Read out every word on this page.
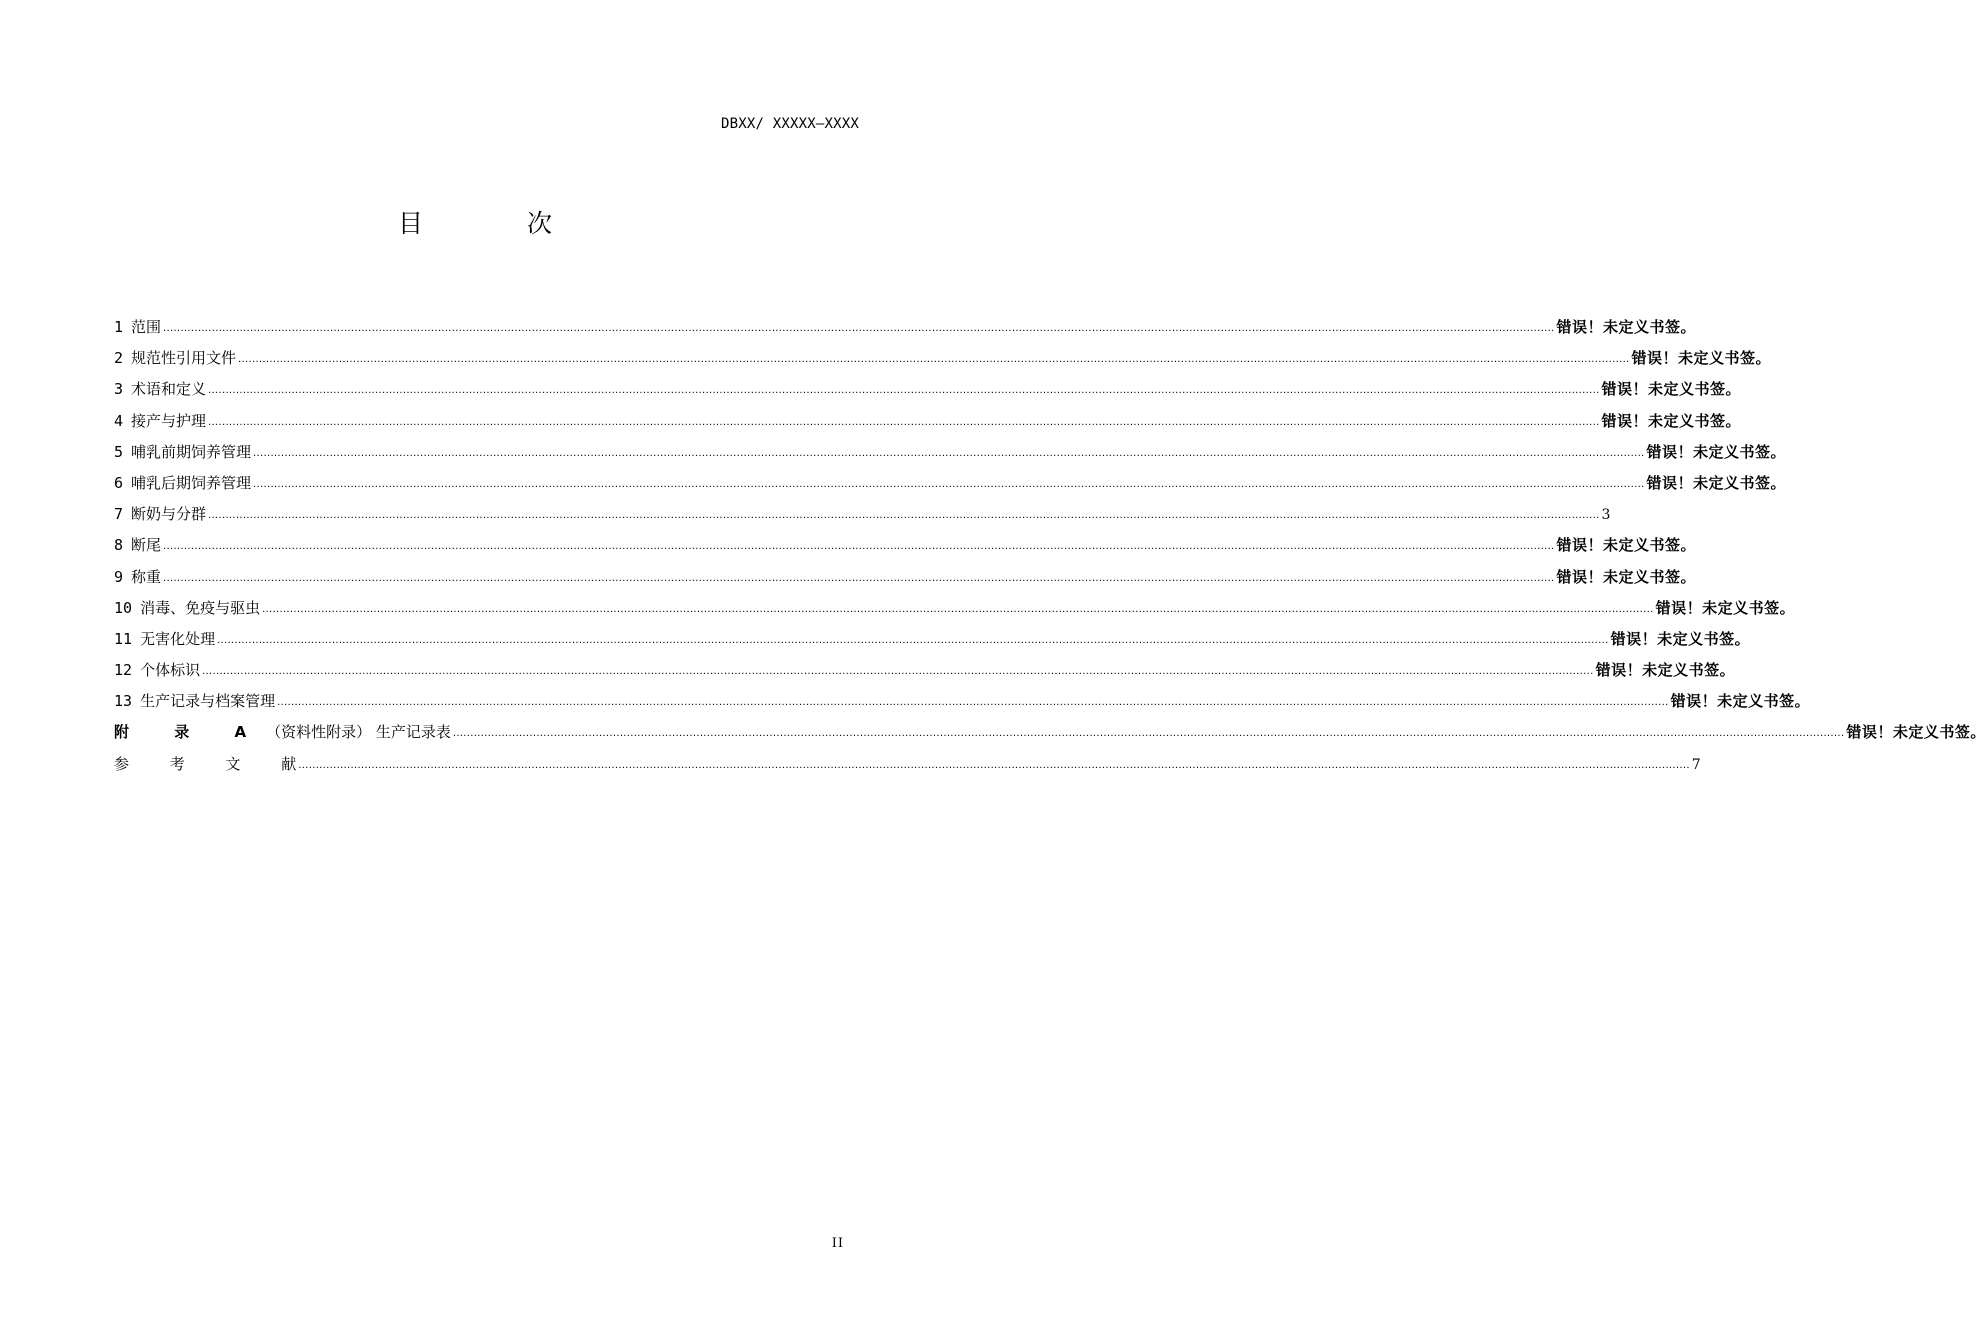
DBXX/ XXXXX—XXXX
目 次
1 范围 ................................................................................................................................................................................................................................................................................................................................................................................................................ 错误！未定义书签。
2 规范性引用文件 ................................................................................................................................................................................................................................................................................................................................................................................................................ 错误！未定义书签。
3 术语和定义 ................................................................................................................................................................................................................................................................................................................................................................................................................ 错误！未定义书签。
4 接产与护理 ................................................................................................................................................................................................................................................................................................................................................................................................................ 错误！未定义书签。
5 哺乳前期饲养管理 ................................................................................................................................................................................................................................................................................................................................................................................................................ 错误！未定义书签。
6 哺乳后期饲养管理 ................................................................................................................................................................................................................................................................................................................................................................................................................ 错误！未定义书签。
7 断奶与分群 ................................................................................................................................................................................................................................................................................................................................................................................................................ 3
8 断尾 ................................................................................................................................................................................................................................................................................................................................................................................................................ 错误！未定义书签。
9 称重 ................................................................................................................................................................................................................................................................................................................................................................................................................ 错误！未定义书签。
10 消毒、免疫与驱虫 ................................................................................................................................................................................................................................................................................................................................................................................................................ 错误！未定义书签。
11 无害化处理 ................................................................................................................................................................................................................................................................................................................................................................................................................ 错误！未定义书签。
12 个体标识 ................................................................................................................................................................................................................................................................................................................................................................................................................ 错误！未定义书签。
13 生产记录与档案管理 ................................................................................................................................................................................................................................................................................................................................................................................................................ 错误！未定义书签。
附 录 A（资料性附录） 生产记录表 ................................................................................................................................................................................................................................................................................................................................................................................................................ 错误！未定义书签。
参 考 文 献
................................................................................................................................................................................................................................................................................................................................................................................................................ 7
II
